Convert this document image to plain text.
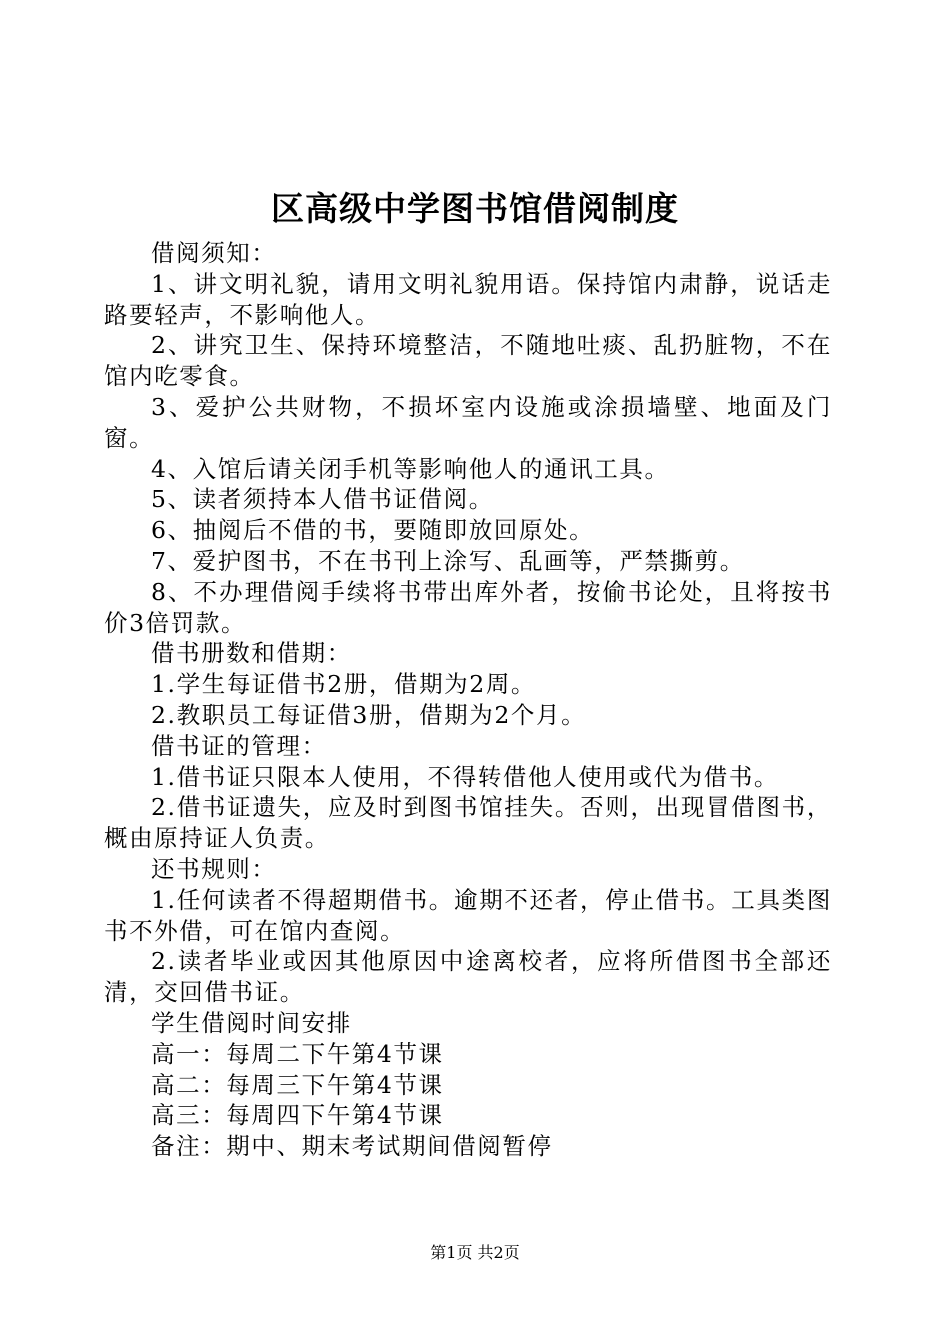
区高级中学图书馆借阅制度

借阅须知：

1、讲文明礼貌，请用文明礼貌用语。保持馆内肃静，说话走路要轻声，不影响他人。

2、讲究卫生、保持环境整洁，不随地吐痰、乱扔脏物，不在馆内吃零食。

3、爱护公共财物，不损坏室内设施或涂损墙壁、地面及门窗。

4、入馆后请关闭手机等影响他人的通讯工具。

5、读者须持本人借书证借阅。

6、抽阅后不借的书，要随即放回原处。

7、爱护图书，不在书刊上涂写、乱画等，严禁撕剪。

8、不办理借阅手续将书带出库外者，按偷书论处，且将按书价3倍罚款。

借书册数和借期：

1.学生每证借书2册，借期为2周。

2.教职员工每证借3册，借期为2个月。

借书证的管理：

1.借书证只限本人使用，不得转借他人使用或代为借书。

2.借书证遗失，应及时到图书馆挂失。否则，出现冒借图书，概由原持证人负责。

还书规则：

1.任何读者不得超期借书。逾期不还者，停止借书。工具类图书不外借，可在馆内查阅。

2.读者毕业或因其他原因中途离校者，应将所借图书全部还清，交回借书证。

学生借阅时间安排

高一：每周二下午第4节课

高二：每周三下午第4节课

高三：每周四下午第4节课

备注：期中、期末考试期间借阅暂停

第1页 共2页
